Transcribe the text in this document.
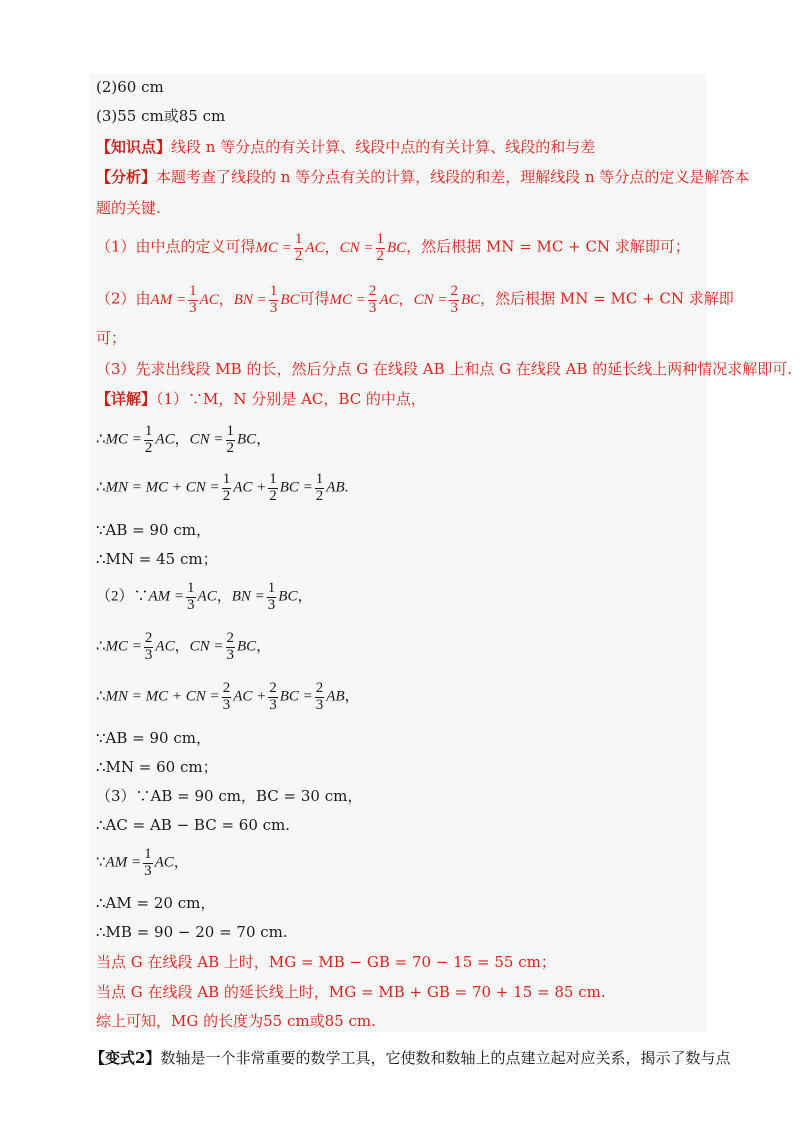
(2)60 cm
(3)55 cm或85 cm
【知识点】线段 n 等分点的有关计算、线段中点的有关计算、线段的和与差
【分析】本题考查了线段的 n 等分点有关的计算，线段的和差，理解线段 n 等分点的定义是解答本
题的关键.
（1）由中点的定义可得MC = $\frac{1}{2}$ AC，CN = $\frac{1}{2}$ BC，然后根据 MN = MC + CN 求解即可；
（2）由AM = $\frac{1}{3}$ AC，BN = $\frac{1}{3}$ BC可得MC = $\frac{2}{3}$ AC，CN = $\frac{2}{3}$ BC，然后根据 MN = MC + CN 求解即
可；
（3）先求出线段 MB 的长，然后分点 G 在线段 AB 上和点 G 在线段 AB 的延长线上两种情况求解即可.
【详解】（1）∵M，N 分别是 AC，BC 的中点，
∴MC = $\frac{1}{2}$ AC，CN = $\frac{1}{2}$ BC，
∴MN = MC + CN = $\frac{1}{2}$ AC + $\frac{1}{2}$ BC = $\frac{1}{2}$ AB.
∵AB = 90 cm，
∴MN = 45 cm；
（2）∵AM = $\frac{1}{3}$ AC，BN = $\frac{1}{3}$ BC，
∴MC = $\frac{2}{3}$ AC，CN = $\frac{2}{3}$ BC，
∴MN = MC + CN = $\frac{2}{3}$ AC + $\frac{2}{3}$ BC = $\frac{2}{3}$ AB，
∵AB = 90 cm，
∴MN = 60 cm；
（3）∵AB = 90 cm，BC = 30 cm，
∴AC = AB − BC = 60 cm.
∵AM = $\frac{1}{3}$ AC，
∴AM = 20 cm，
∴MB = 90 − 20 = 70 cm.
当点 G 在线段 AB 上时，MG = MB − GB = 70 − 15 = 55 cm；
当点 G 在线段 AB 的延长线上时，MG = MB + GB = 70 + 15 = 85 cm.
综上可知，MG 的长度为55 cm或85 cm.
【变式2】数轴是一个非常重要的数学工具，它使数和数轴上的点建立起对应关系，揭示了数与点
